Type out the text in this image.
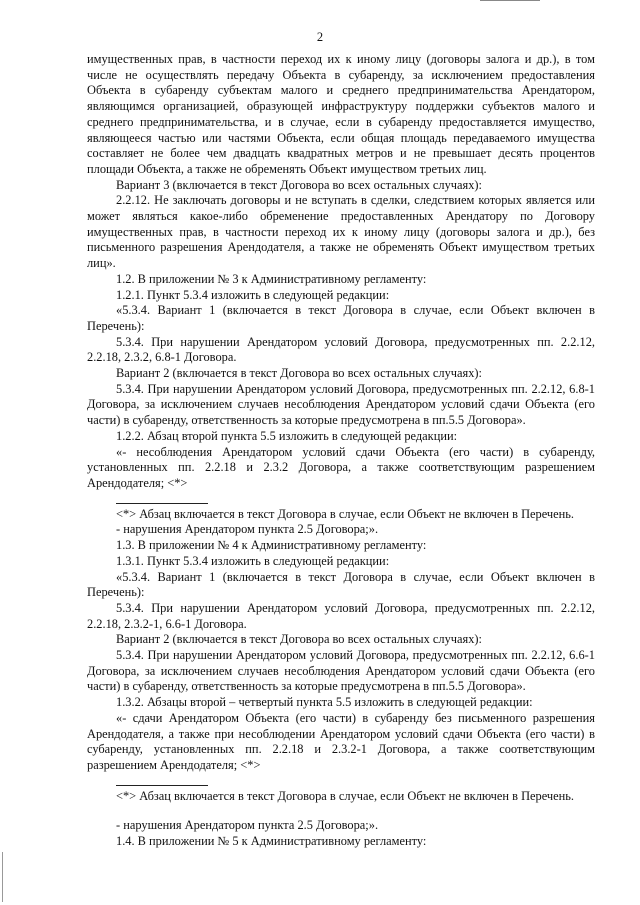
2

имущественных прав, в частности переход их к иному лицу (договоры залога и др.), в том числе не осуществлять передачу Объекта в субаренду, за исключением предоставления Объекта в субаренду субъектам малого и среднего предпринимательства Арендатором, являющимся организацией, образующей инфраструктуру поддержки субъектов малого и среднего предпринимательства, и в случае, если в субаренду предоставляется имущество, являющееся частью или частями Объекта, если общая площадь передаваемого имущества составляет не более чем двадцать квадратных метров и не превышает десять процентов площади Объекта, а также не обременять Объект имуществом третьих лиц.

Вариант 3 (включается в текст Договора во всех остальных случаях):

2.2.12. Не заключать договоры и не вступать в сделки, следствием которых является или может являться какое-либо обременение предоставленных Арендатору по Договору имущественных прав, в частности переход их к иному лицу (договоры залога и др.), без письменного разрешения Арендодателя, а также не обременять Объект имуществом третьих лиц».

1.2. В приложении № 3 к Административному регламенту:

1.2.1. Пункт 5.3.4 изложить в следующей редакции:

«5.3.4. Вариант 1 (включается в текст Договора в случае, если Объект включен в Перечень):

5.3.4. При нарушении Арендатором условий Договора, предусмотренных пп. 2.2.12, 2.2.18, 2.3.2, 6.8-1 Договора.

Вариант 2 (включается в текст Договора во всех остальных случаях):

5.3.4. При нарушении Арендатором условий Договора, предусмотренных пп. 2.2.12, 6.8-1 Договора, за исключением случаев несоблюдения Арендатором условий сдачи Объекта (его части) в субаренду, ответственность за которые предусмотрена в пп.5.5 Договора».

1.2.2. Абзац второй пункта 5.5 изложить в следующей редакции:

«- несоблюдения Арендатором условий сдачи Объекта (его части) в субаренду, установленных пп. 2.2.18 и 2.3.2 Договора, а также соответствующим разрешением Арендодателя; <*>

<*> Абзац включается в текст Договора в случае, если Объект не включен в Перечень.

- нарушения Арендатором пункта 2.5 Договора;».

1.3. В приложении № 4 к Административному регламенту:

1.3.1. Пункт 5.3.4 изложить в следующей редакции:

«5.3.4. Вариант 1 (включается в текст Договора в случае, если Объект включен в Перечень):

5.3.4. При нарушении Арендатором условий Договора, предусмотренных пп. 2.2.12, 2.2.18, 2.3.2-1, 6.6-1 Договора.

Вариант 2 (включается в текст Договора во всех остальных случаях):

5.3.4. При нарушении Арендатором условий Договора, предусмотренных пп. 2.2.12, 6.6-1 Договора, за исключением случаев несоблюдения Арендатором условий сдачи Объекта (его части) в субаренду, ответственность за которые предусмотрена в пп.5.5 Договора».

1.3.2. Абзацы второй – четвертый пункта 5.5 изложить в следующей редакции:

«- сдачи Арендатором Объекта (его части) в субаренду без письменного разрешения Арендодателя, а также при несоблюдении Арендатором условий сдачи Объекта (его части) в субаренду, установленных пп. 2.2.18 и 2.3.2-1 Договора, а также соответствующим разрешением Арендодателя; <*>

<*> Абзац включается в текст Договора в случае, если Объект не включен в Перечень.

- нарушения Арендатором пункта 2.5 Договора;».

1.4. В приложении № 5 к Административному регламенту:
